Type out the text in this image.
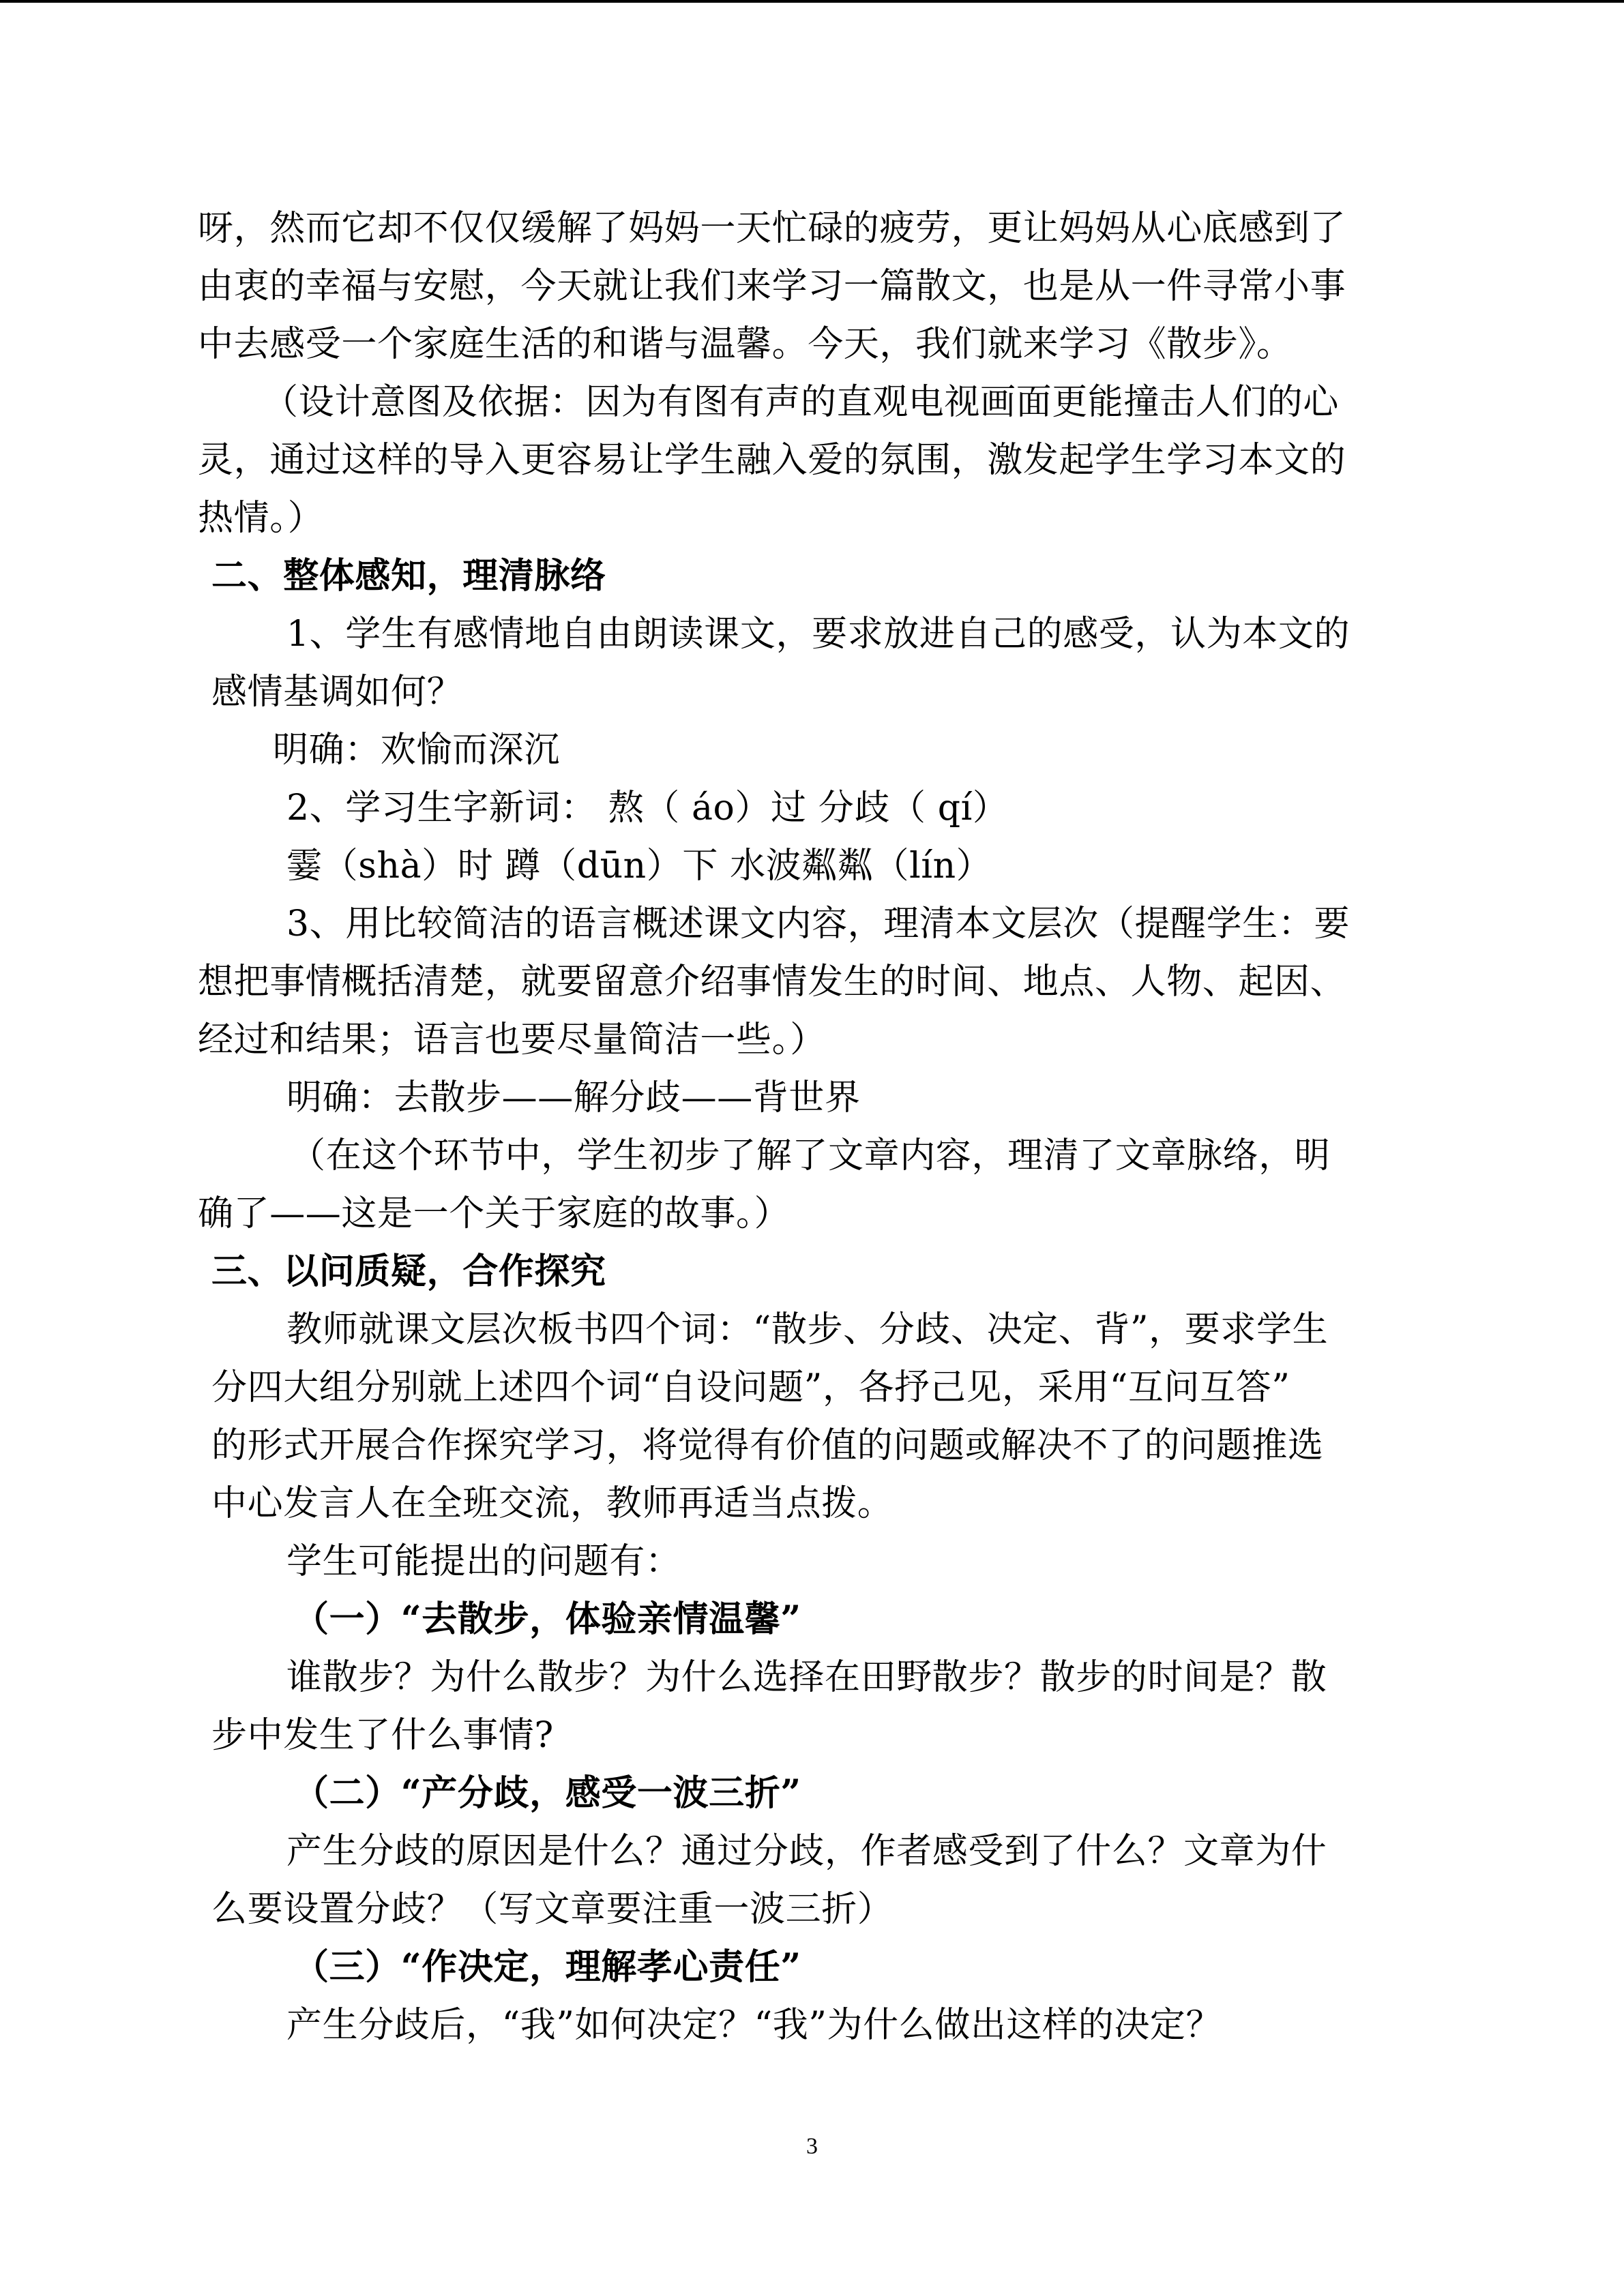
呀，然而它却不仅仅缓解了妈妈一天忙碌的疲劳，更让妈妈从心底感到了
由衷的幸福与安慰，今天就让我们来学习一篇散文，也是从一件寻常小事
中去感受一个家庭生活的和谐与温馨。今天，我们就来学习《散步》。
（设计意图及依据：因为有图有声的直观电视画面更能撞击人们的心
灵，通过这样的导入更容易让学生融入爱的氛围，激发起学生学习本文的
热情。）
二、整体感知，理清脉络
1、学生有感情地自由朗读课文，要求放进自己的感受，认为本文的
感情基调如何？
明确：欢愉而深沉
2、学习生字新词： 熬（ áo）过 分歧（ qí）
霎（shà）时 蹲（dūn）下 水波粼粼（lín）
3、用比较简洁的语言概述课文内容，理清本文层次（提醒学生：要
想把事情概括清楚，就要留意介绍事情发生的时间、地点、人物、起因、
经过和结果；语言也要尽量简洁一些。）
明确：去散步——解分歧——背世界
（在这个环节中，学生初步了解了文章内容，理清了文章脉络，明
确了——这是一个关于家庭的故事。）
三、以问质疑，合作探究
教师就课文层次板书四个词：“散步、分歧、决定、背”，要求学生
分四大组分别就上述四个词“自设问题”，各抒己见，采用“互问互答”
的形式开展合作探究学习，将觉得有价值的问题或解决不了的问题推选
中心发言人在全班交流，教师再适当点拨。
学生可能提出的问题有：
（一）“去散步，体验亲情温馨”
谁散步？为什么散步？为什么选择在田野散步？散步的时间是？散
步中发生了什么事情?
（二）“产分歧，感受一波三折”
产生分歧的原因是什么？通过分歧，作者感受到了什么？文章为什
么要设置分歧？（写文章要注重一波三折）
（三）“作决定，理解孝心责任”
产生分歧后，“我”如何决定？“我”为什么做出这样的决定？
3
